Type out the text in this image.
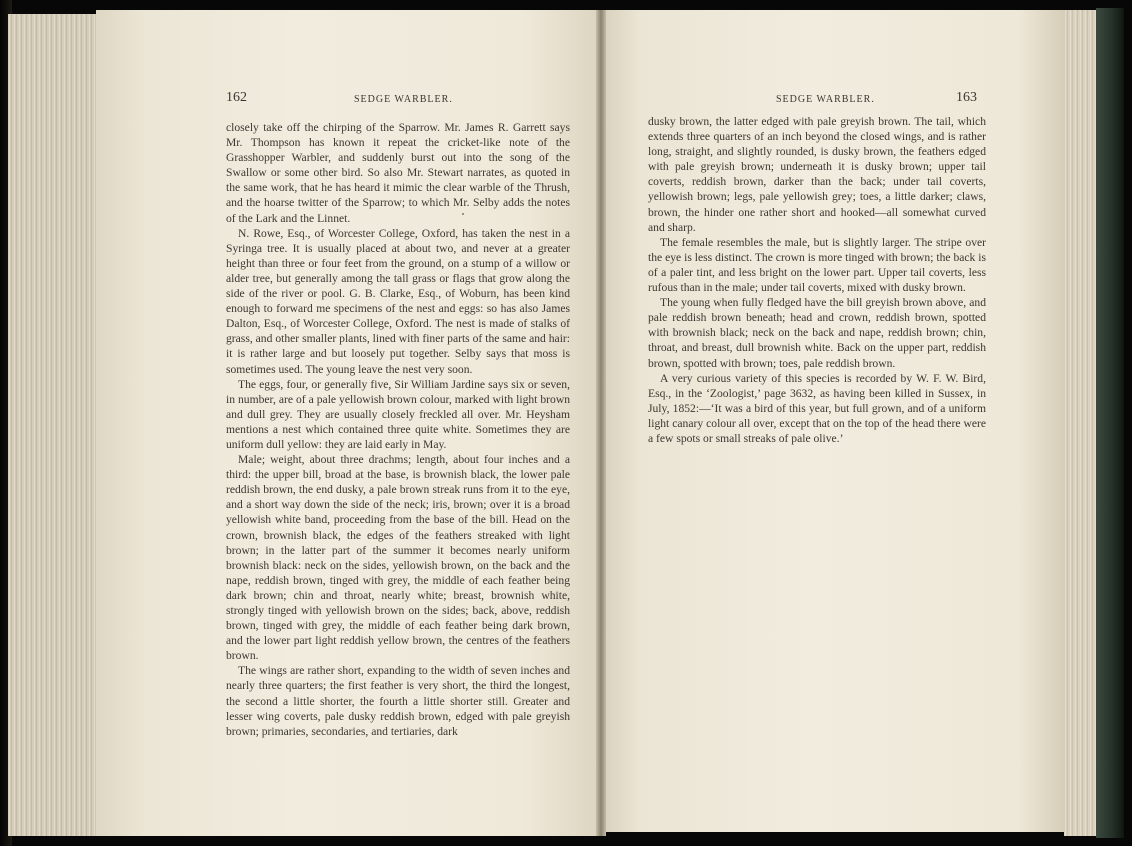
162	SEDGE WARBLER.	SEDGE WARBLER.	163

closely take off the chirping of the Sparrow. Mr. James R. Garrett says Mr. Thompson has known it repeat the cricket-like note of the Grasshopper Warbler, and suddenly burst out into the song of the Swallow or some other bird. So also Mr. Stewart narrates, as quoted in the same work, that he has heard it mimic the clear warble of the Thrush, and the hoarse twitter of the Sparrow; to which Mr. Selby adds the notes of the Lark and the Linnet.

N. Rowe, Esq., of Worcester College, Oxford, has taken the nest in a Syringa tree. It is usually placed at about two, and never at a greater height than three or four feet from the ground, on a stump of a willow or alder tree, but generally among the tall grass or flags that grow along the side of the river or pool. G. B. Clarke, Esq., of Woburn, has been kind enough to forward me specimens of the nest and eggs: so has also James Dalton, Esq., of Worcester College, Oxford. The nest is made of stalks of grass, and other smaller plants, lined with finer parts of the same and hair: it is rather large and but loosely put together. Selby says that moss is sometimes used. The young leave the nest very soon.

The eggs, four, or generally five, Sir William Jardine says six or seven, in number, are of a pale yellowish brown colour, marked with light brown and dull grey. They are usually closely freckled all over. Mr. Heysham mentions a nest which contained three quite white. Sometimes they are uniform dull yellow: they are laid early in May.

Male; weight, about three drachms; length, about four inches and a third: the upper bill, broad at the base, is brownish black, the lower pale reddish brown, the end dusky, a pale brown streak runs from it to the eye, and a short way down the side of the neck; iris, brown; over it is a broad yellowish white band, proceeding from the base of the bill. Head on the crown, brownish black, the edges of the feathers streaked with light brown; in the latter part of the summer it becomes nearly uniform brownish black: neck on the sides, yellowish brown, on the back and the nape, reddish brown, tinged with grey, the middle of each feather being dark brown; chin and throat, nearly white; breast, brownish white, strongly tinged with yellowish brown on the sides; back, above, reddish brown, tinged with grey, the middle of each feather being dark brown, and the lower part light reddish yellow brown, the centres of the feathers brown.

The wings are rather short, expanding to the width of seven inches and nearly three quarters; the first feather is very short, the third the longest, the second a little shorter, the fourth a little shorter still. Greater and lesser wing coverts, pale dusky reddish brown, edged with pale greyish brown; primaries, secondaries, and tertiaries, dark

dusky brown, the latter edged with pale greyish brown. The tail, which extends three quarters of an inch beyond the closed wings, and is rather long, straight, and slightly rounded, is dusky brown, the feathers edged with pale greyish brown; underneath it is dusky brown; upper tail coverts, reddish brown, darker than the back; under tail coverts, yellowish brown; legs, pale yellowish grey; toes, a little darker; claws, brown, the hinder one rather short and hooked—all somewhat curved and sharp.

The female resembles the male, but is slightly larger. The stripe over the eye is less distinct. The crown is more tinged with brown; the back is of a paler tint, and less bright on the lower part. Upper tail coverts, less rufous than in the male; under tail coverts, mixed with dusky brown.

The young when fully fledged have the bill greyish brown above, and pale reddish brown beneath; head and crown, reddish brown, spotted with brownish black; neck on the back and nape, reddish brown; chin, throat, and breast, dull brownish white. Back on the upper part, reddish brown, spotted with brown; toes, pale reddish brown.

A very curious variety of this species is recorded by W. F. W. Bird, Esq., in the ‘Zoologist,’ page 3632, as having been killed in Sussex, in July, 1852:—‘It was a bird of this year, but full grown, and of a uniform light canary colour all over, except that on the top of the head there were a few spots or small streaks of pale olive.’
